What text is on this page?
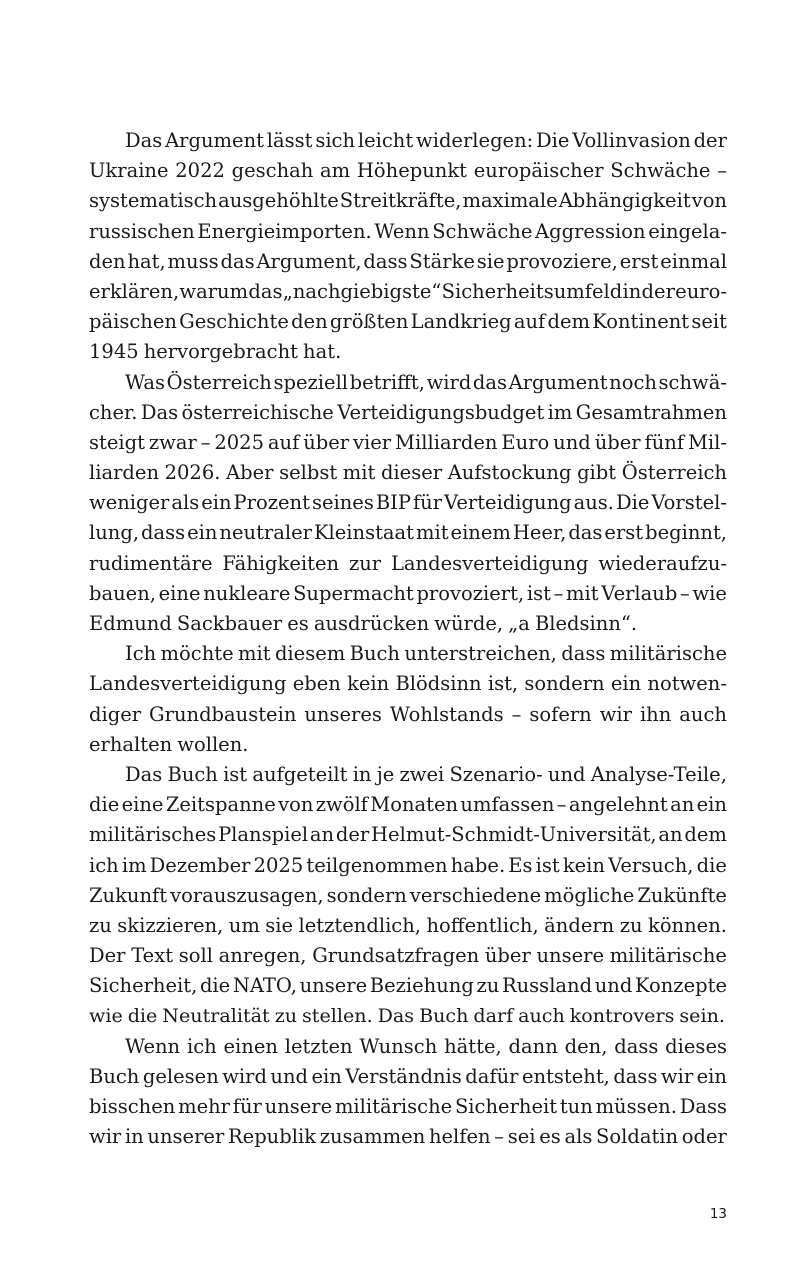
Das Argument lässt sich leicht widerlegen: Die Vollinvasion der
Ukraine 2022 geschah am Höhepunkt europäischer Schwäche –
systematisch ausgehöhlte Streitkräfte, maximale Abhängigkeit von
russischen Energieimporten. Wenn Schwäche Aggression eingela-
den hat, muss das Argument, dass Stärke sie provoziere, erst einmal
erklären, warum das „nachgiebigste“ Sicherheitsumfeld in der euro-
päischen Geschichte den größten Landkrieg auf dem Kontinent seit
1945 hervorgebracht hat.
Was Österreich speziell betrifft, wird das Argument noch schwä-
cher. Das österreichische Verteidigungsbudget im Gesamtrahmen
steigt zwar – 2025 auf über vier Milliarden Euro und über fünf Mil-
liarden 2026. Aber selbst mit dieser Aufstockung gibt Österreich
weniger als ein Prozent seines BIP für Verteidigung aus. Die Vorstel-
lung, dass ein neutraler Kleinstaat mit einem Heer, das erst beginnt,
rudimentäre Fähigkeiten zur Landesverteidigung wiederaufzu-
bauen, eine nukleare Supermacht provoziert, ist – mit Verlaub – wie
Edmund Sackbauer es ausdrücken würde, „a Bledsinn“.
Ich möchte mit diesem Buch unterstreichen, dass militärische
Landesverteidigung eben kein Blödsinn ist, sondern ein notwen-
diger Grundbaustein unseres Wohlstands – sofern wir ihn auch
erhalten wollen.
Das Buch ist aufgeteilt in je zwei Szenario- und Analyse-Teile,
die eine Zeitspanne von zwölf Monaten umfassen – angelehnt an ein
militärisches Planspiel an der Helmut-Schmidt-Universität, an dem
ich im Dezember 2025 teilgenommen habe. Es ist kein Versuch, die
Zukunft vorauszusagen, sondern verschiedene mögliche Zukünfte
zu skizzieren, um sie letztendlich, hoffentlich, ändern zu können.
Der Text soll anregen, Grundsatzfragen über unsere militärische
Sicherheit, die NATO, unsere Beziehung zu Russland und Konzepte
wie die Neutralität zu stellen. Das Buch darf auch kontrovers sein.
Wenn ich einen letzten Wunsch hätte, dann den, dass dieses
Buch gelesen wird und ein Verständnis dafür entsteht, dass wir ein
bisschen mehr für unsere militärische Sicherheit tun müssen. Dass
wir in unserer Republik zusammen helfen – sei es als Soldatin oder
13
